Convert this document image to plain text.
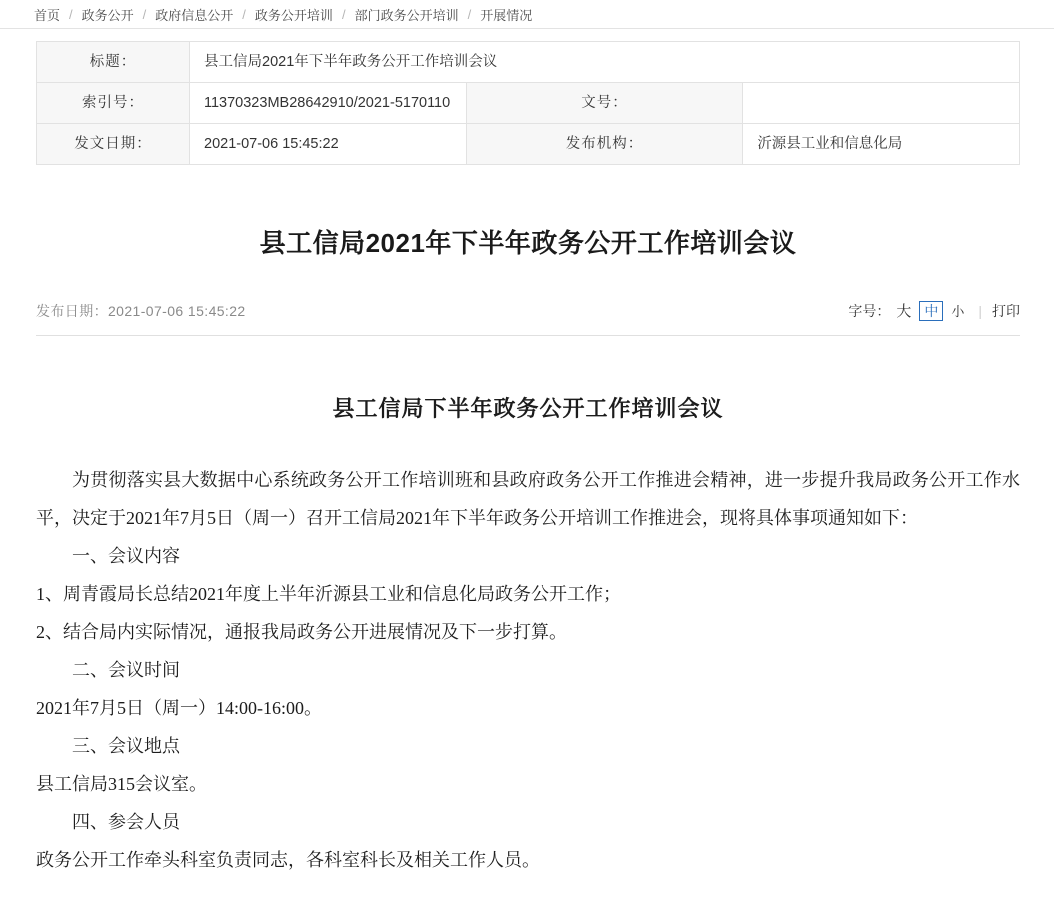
首页 / 政务公开 / 政府信息公开 / 政务公开培训 / 部门政务公开培训 / 开展情况
标题：	县工信局2021年下半年政务公开工作培训会议		
索引号：	11370323MB28642910/2021-5170110	文号：	
发文日期：	2021-07-06 15:45:22	发布机构：	沂源县工业和信息化局
县工信局2021年下半年政务公开工作培训会议
发布日期：2021-07-06 15:45:22	字号： 大 中	小 | 打印
县工信局下半年政务公开工作培训会议

为贯彻落实县大数据中心系统政务公开工作培训班和县政府政务公开工作推进会精神，进一步提升我局政务公开工作水平，决定于2021年7月5日（周一）召开工信局2021年下半年政务公开培训工作推进会，现将具体事项通知如下：

一、会议内容

1、周青霞局长总结2021年度上半年沂源县工业和信息化局政务公开工作；

2、结合局内实际情况，通报我局政务公开进展情况及下一步打算。

二、会议时间

2021年7月5日（周一）14:00-16:00。

三、会议地点

县工信局315会议室。

四、参会人员

政务公开工作牵头科室负责同志，各科室科长及相关工作人员。
